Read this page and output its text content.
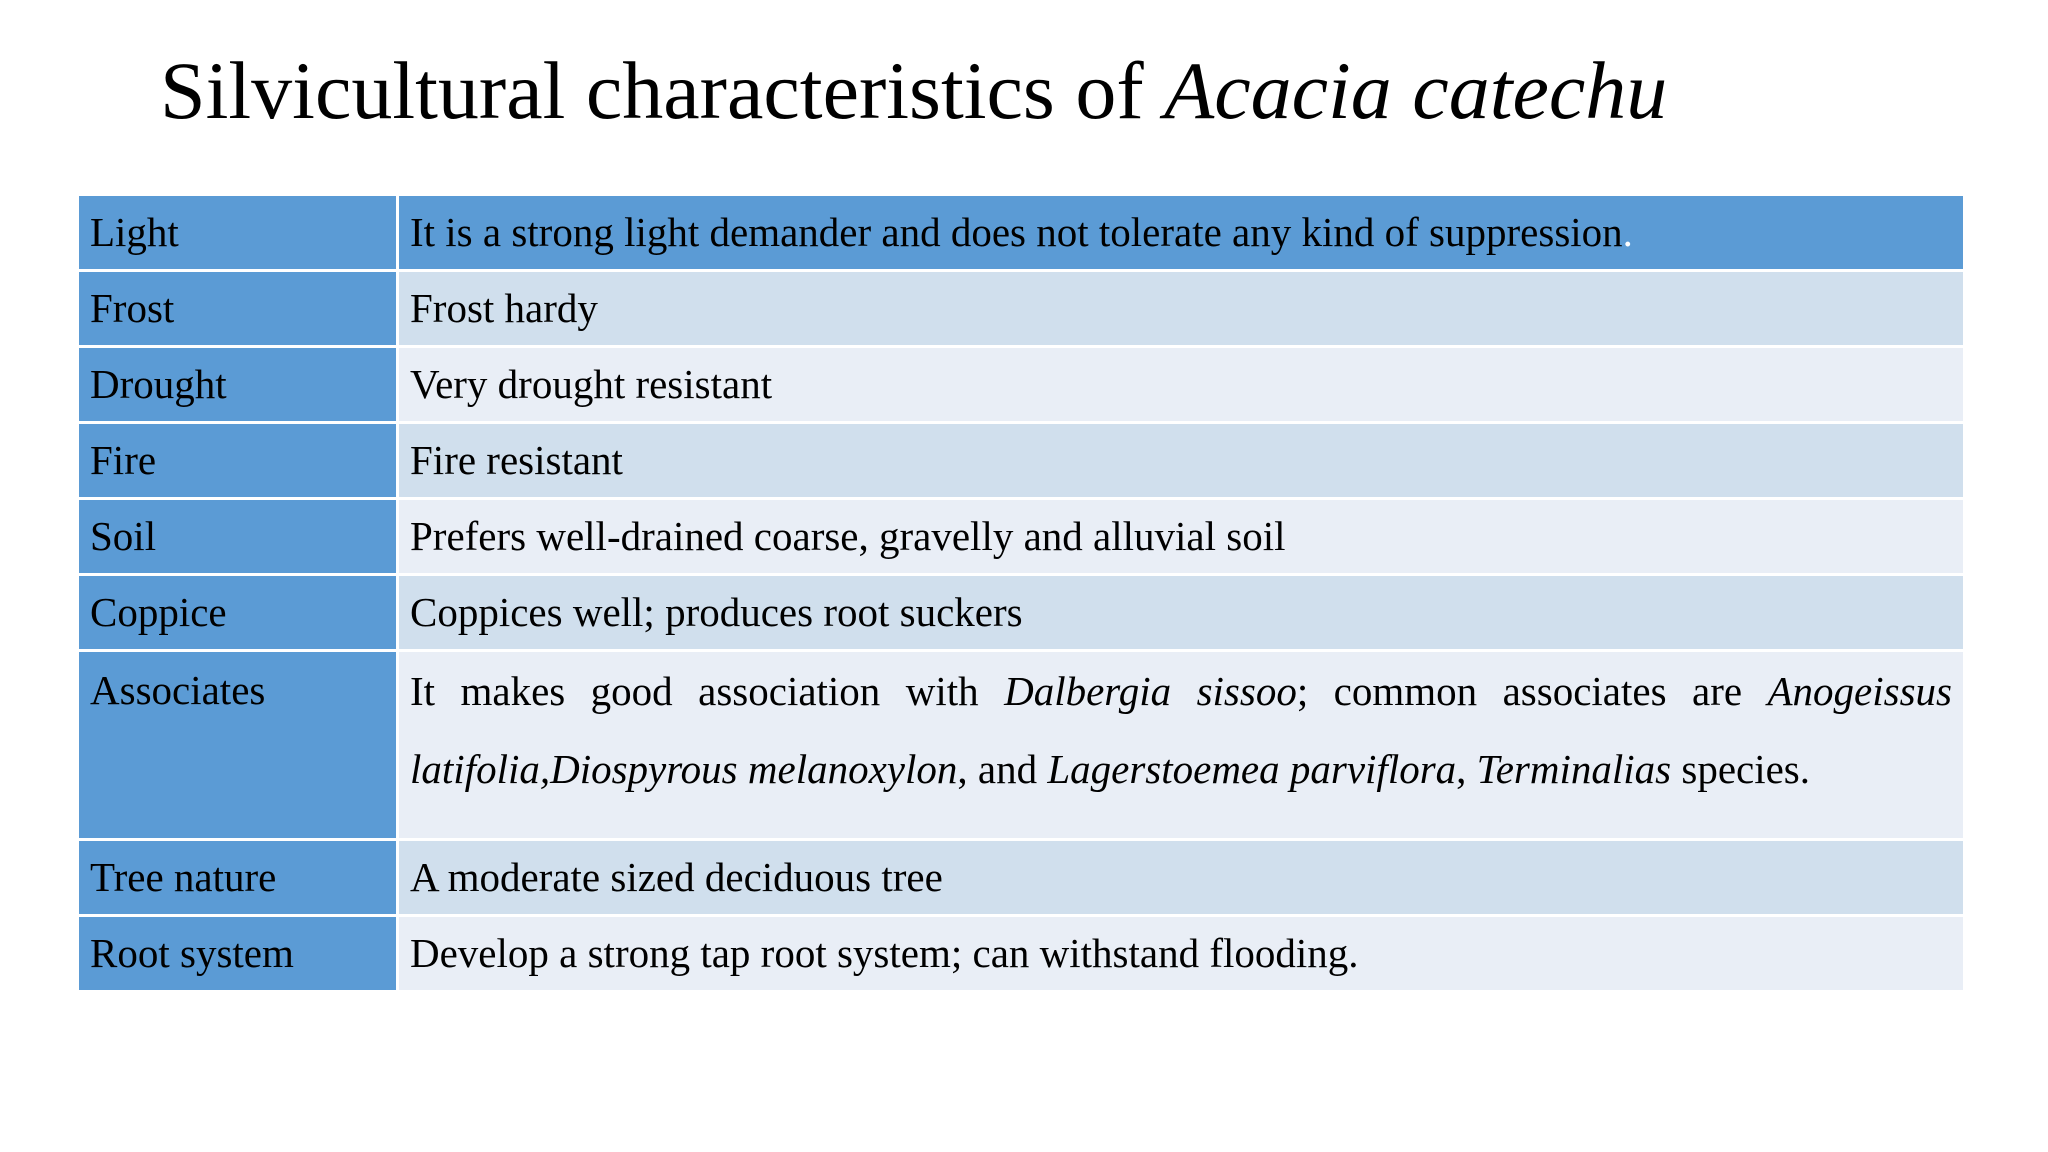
Silvicultural characteristics of Acacia catechu
Light	It is a strong light demander and does not tolerate any kind of suppression.
Frost	Frost hardy
Drought	Very drought resistant
Fire	Fire resistant
Soil	Prefers well-drained coarse, gravelly and alluvial soil
Coppice	Coppices well; produces root suckers
Associates	It makes good association with Dalbergia sissoo; common associates are Anogeissus latifolia,Diospyrous melanoxylon, and Lagerstoemea parviflora, Terminalias species.
Tree nature	A moderate sized deciduous tree
Root system	Develop a strong tap root system; can withstand flooding.
